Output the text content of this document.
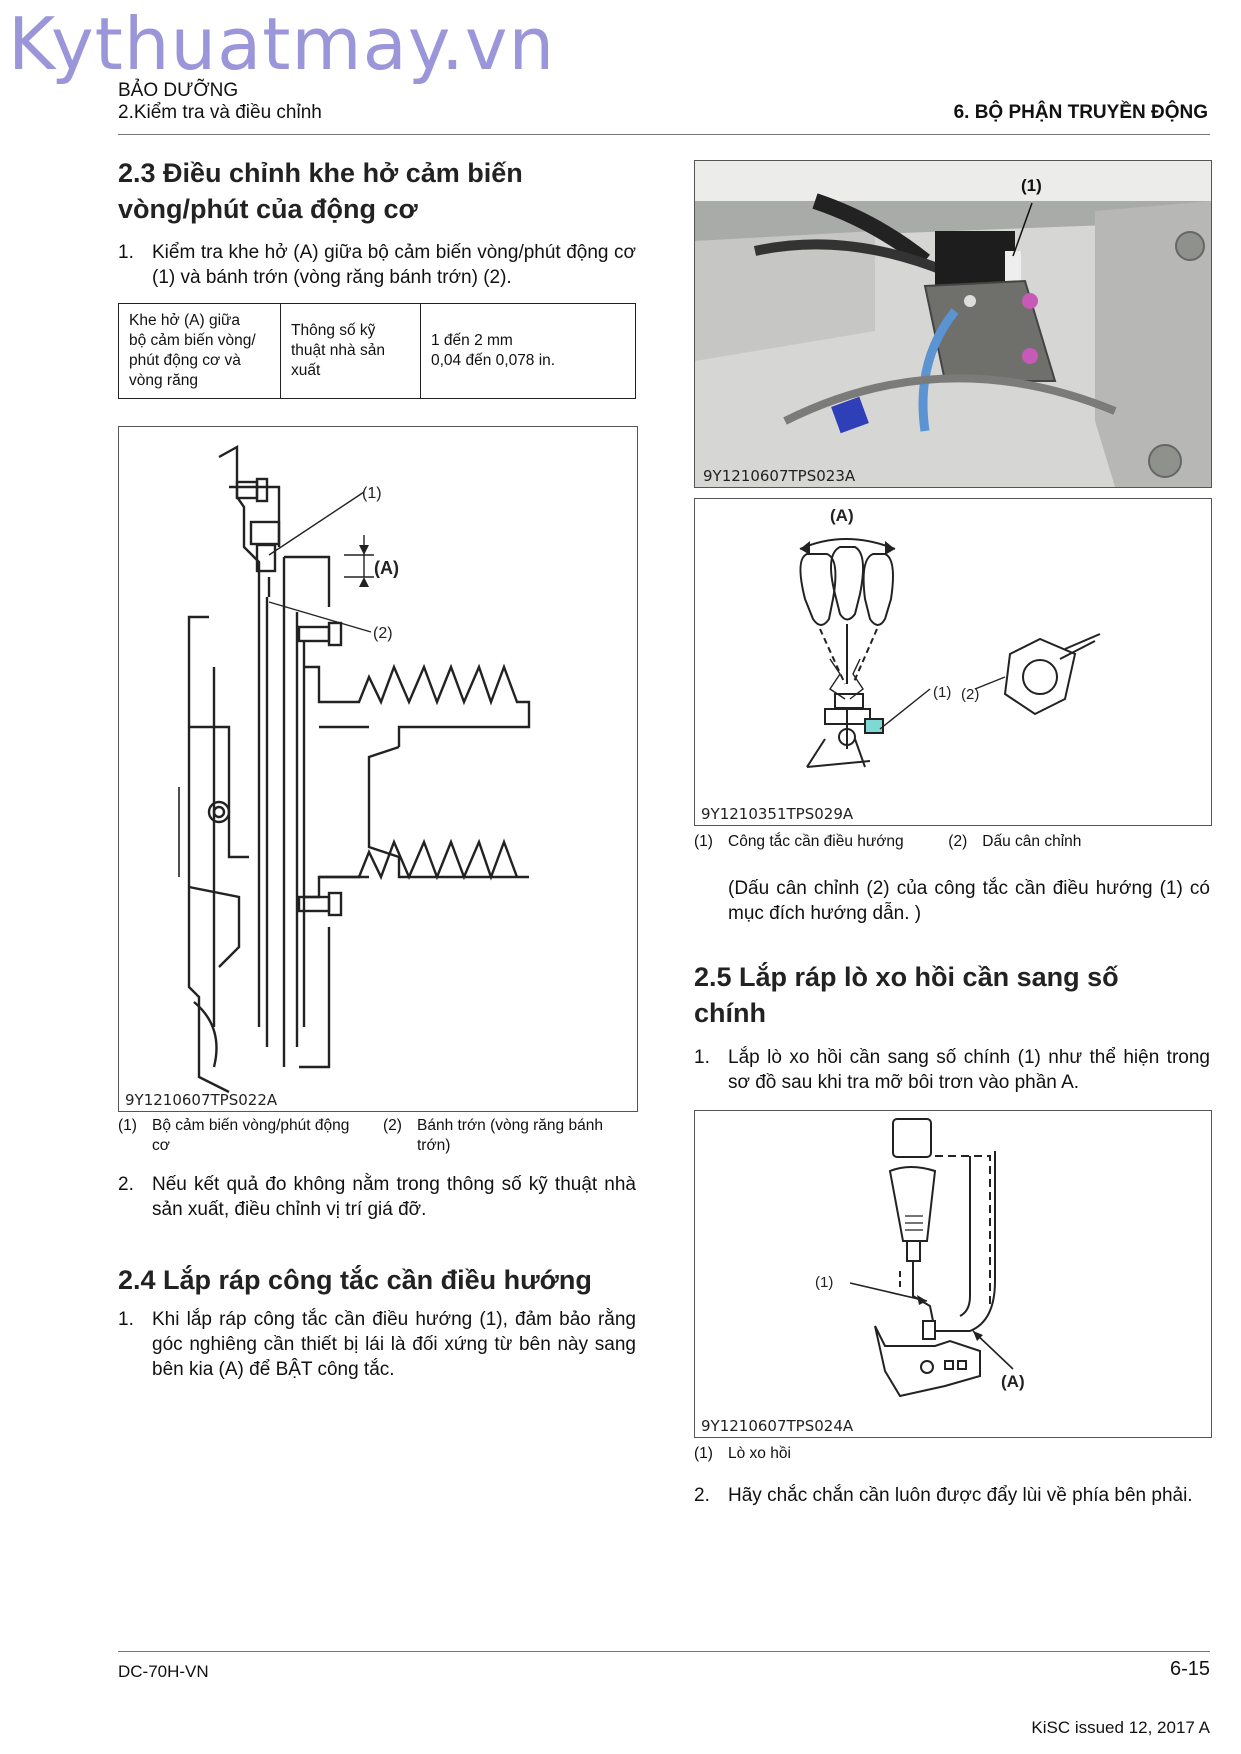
Kythuatmay.vn
BẢO DƯỠNG
2.Kiểm tra và điều chỉnh	6. BỘ PHẬN TRUYỀN ĐỘNG
2.3 Điều chỉnh khe hở cảm biến
vòng/phút của động cơ
1. Kiểm tra khe hở (A) giữa bộ cảm biến vòng/phút động cơ (1) và bánh trớn (vòng răng bánh trớn) (2).
Khe hở (A) giữa
bộ cảm biến vòng/
phút động cơ và
vòng răng	Thông số kỹ
thuật nhà sản
xuất	1 đến 2 mm
0,04 đến 0,078 in.
(1)
(2)
(A)
9Y1210607TPS022A
(1) Bộ cảm biến vòng/phút động
cơ
(2) Bánh trớn (vòng răng bánh
trớn)
2. Nếu kết quả đo không nằm trong thông số kỹ thuật nhà sản xuất, điều chỉnh vị trí giá đỡ.
2.4 Lắp ráp công tắc cần điều hướng
1. Khi lắp ráp công tắc cần điều hướng (1), đảm bảo rằng góc nghiêng cần thiết bị lái là đối xứng từ bên này sang bên kia (A) để BẬT công tắc.
(1)
9Y1210607TPS023A
(A)
(1) (2)
9Y1210351TPS029A
(1) Công tắc cần điều hướng	(2) Dấu cân chỉnh
(Dấu cân chỉnh (2) của công tắc cần điều hướng (1) có mục đích hướng dẫn. )
2.5 Lắp ráp lò xo hồi cần sang số
chính
1. Lắp lò xo hồi cần sang số chính (1) như thể hiện trong sơ đồ sau khi tra mỡ bôi trơn vào phần A.
(1)
(A)
9Y1210607TPS024A
(1) Lò xo hồi
2. Hãy chắc chắn cần luôn được đẩy lùi về phía bên phải.
DC-70H-VN	6-15
KiSC issued 12, 2017 A
